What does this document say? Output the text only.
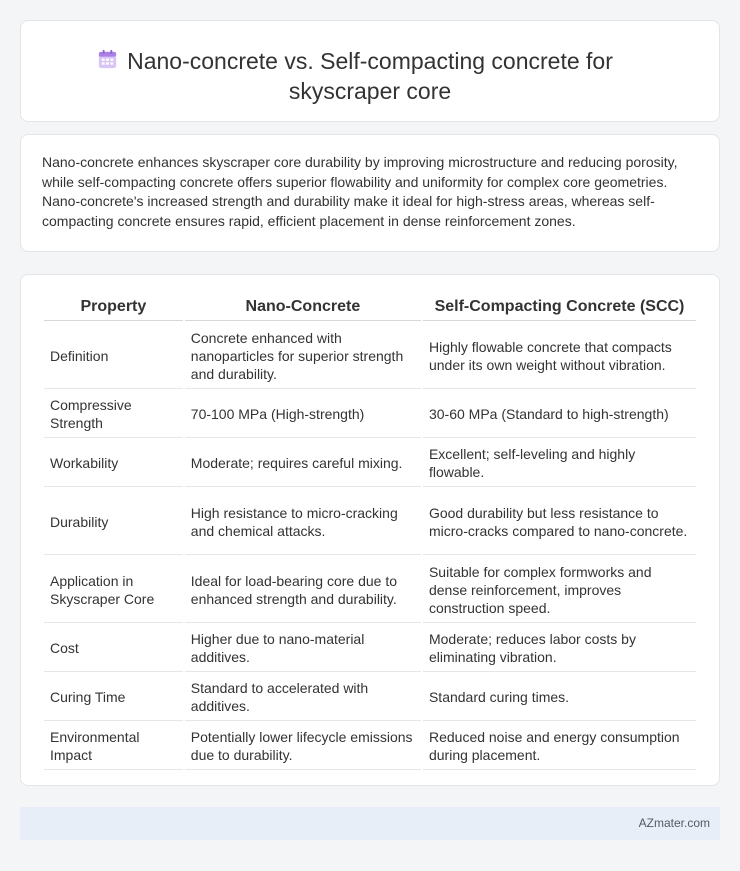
Nano-concrete vs. Self-compacting concrete for
skyscraper core

Nano-concrete enhances skyscraper core durability by improving microstructure and reducing porosity, while self-compacting concrete offers superior flowability and uniformity for complex core geometries. Nano-concrete's increased strength and durability make it ideal for high-stress areas, whereas self-compacting concrete ensures rapid, efficient placement in dense reinforcement zones.

Property	Nano-Concrete	Self-Compacting Concrete (SCC)
Definition	Concrete enhanced with nanoparticles for superior strength and durability.	Highly flowable concrete that compacts under its own weight without vibration.
Compressive Strength	70-100 MPa (High-strength)	30-60 MPa (Standard to high-strength)
Workability	Moderate; requires careful mixing.	Excellent; self-leveling and highly flowable.
Durability	High resistance to micro-cracking and chemical attacks.	Good durability but less resistance to micro-cracks compared to nano-concrete.
Application in Skyscraper Core	Ideal for load-bearing core due to enhanced strength and durability.	Suitable for complex formworks and dense reinforcement, improves construction speed.
Cost	Higher due to nano-material additives.	Moderate; reduces labor costs by eliminating vibration.
Curing Time	Standard to accelerated with additives.	Standard curing times.
Environmental Impact	Potentially lower lifecycle emissions due to durability.	Reduced noise and energy consumption during placement.
AZmater.com
